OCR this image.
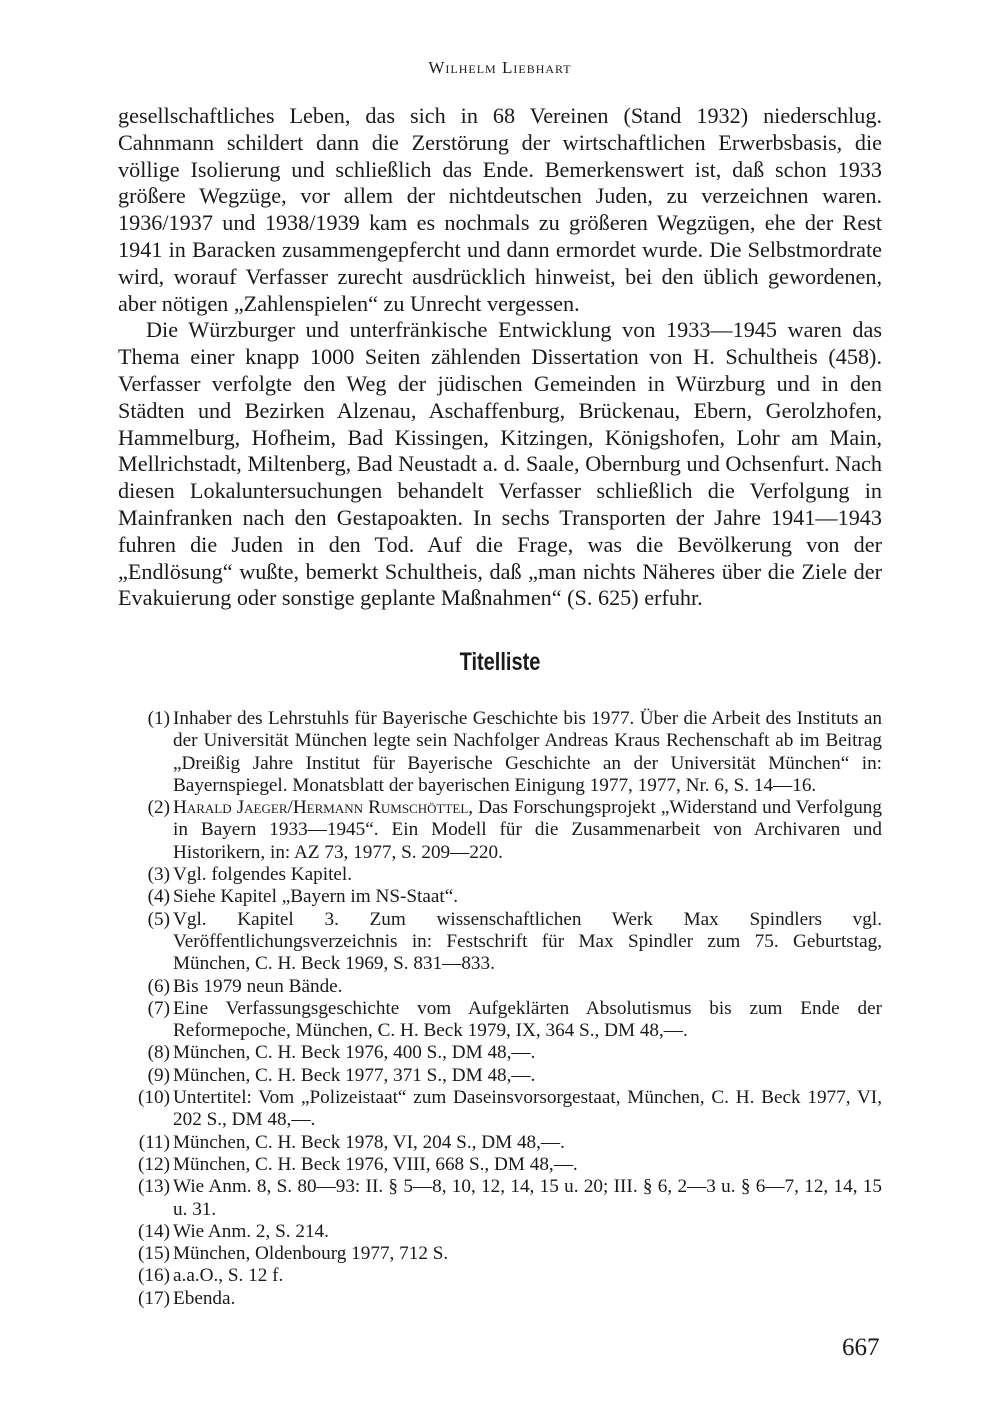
Wilhelm Liebhart

gesellschaftliches Leben, das sich in 68 Vereinen (Stand 1932) niederschlug. Cahnmann schildert dann die Zerstörung der wirtschaftlichen Erwerbsbasis, die völlige Isolierung und schließlich das Ende. Bemerkenswert ist, daß schon 1933 größere Wegzüge, vor allem der nichtdeutschen Juden, zu verzeichnen waren. 1936/1937 und 1938/1939 kam es nochmals zu größeren Wegzügen, ehe der Rest 1941 in Baracken zusammengepfercht und dann ermordet wurde. Die Selbstmordrate wird, worauf Verfasser zurecht ausdrücklich hinweist, bei den üblich gewordenen, aber nötigen „Zahlenspielen“ zu Unrecht vergessen.

Die Würzburger und unterfränkische Entwicklung von 1933—1945 waren das Thema einer knapp 1000 Seiten zählenden Dissertation von H. Schultheis (458). Verfasser verfolgte den Weg der jüdischen Gemeinden in Würzburg und in den Städten und Bezirken Alzenau, Aschaffenburg, Brückenau, Ebern, Gerolzhofen, Hammelburg, Hofheim, Bad Kissingen, Kitzingen, Königshofen, Lohr am Main, Mellrichstadt, Miltenberg, Bad Neustadt a. d. Saale, Obernburg und Ochsenfurt. Nach diesen Lokaluntersuchungen behandelt Verfasser schließlich die Verfolgung in Mainfranken nach den Gestapoakten. In sechs Transporten der Jahre 1941—1943 fuhren die Juden in den Tod. Auf die Frage, was die Bevölkerung von der „Endlösung“ wußte, bemerkt Schultheis, daß „man nichts Näheres über die Ziele der Evakuierung oder sonstige geplante Maßnahmen“ (S. 625) erfuhr.

Titelliste
(1) Inhaber des Lehrstuhls für Bayerische Geschichte bis 1977. Über die Arbeit des Instituts an der Universität München legte sein Nachfolger Andreas Kraus Rechenschaft ab im Beitrag „Dreißig Jahre Institut für Bayerische Geschichte an der Universität München“ in: Bayernspiegel. Monatsblatt der bayerischen Einigung 1977, 1977, Nr. 6, S. 14—16.
(2) Harald Jaeger/Hermann Rumschöttel, Das Forschungsprojekt „Widerstand und Verfolgung in Bayern 1933—1945“. Ein Modell für die Zusammenarbeit von Archivaren und Historikern, in: AZ 73, 1977, S. 209—220.
(3) Vgl. folgendes Kapitel.
(4) Siehe Kapitel „Bayern im NS-Staat“.
(5) Vgl. Kapitel 3. Zum wissenschaftlichen Werk Max Spindlers vgl. Veröffentlichungsverzeichnis in: Festschrift für Max Spindler zum 75. Geburtstag, München, C. H. Beck 1969, S. 831—833.
(6) Bis 1979 neun Bände.
(7) Eine Verfassungsgeschichte vom Aufgeklärten Absolutismus bis zum Ende der Reformepoche, München, C. H. Beck 1979, IX, 364 S., DM 48,—.
(8) München, C. H. Beck 1976, 400 S., DM 48,—.
(9) München, C. H. Beck 1977, 371 S., DM 48,—.
(10) Untertitel: Vom „Polizeistaat“ zum Daseinsvorsorgestaat, München, C. H. Beck 1977, VI, 202 S., DM 48,—.
(11) München, C. H. Beck 1978, VI, 204 S., DM 48,—.
(12) München, C. H. Beck 1976, VIII, 668 S., DM 48,—.
(13) Wie Anm. 8, S. 80—93: II. § 5—8, 10, 12, 14, 15 u. 20; III. § 6, 2—3 u. § 6—7, 12, 14, 15 u. 31.
(14) Wie Anm. 2, S. 214.
(15) München, Oldenbourg 1977, 712 S.
(16) a.a.O., S. 12 f.
(17) Ebenda.
667
